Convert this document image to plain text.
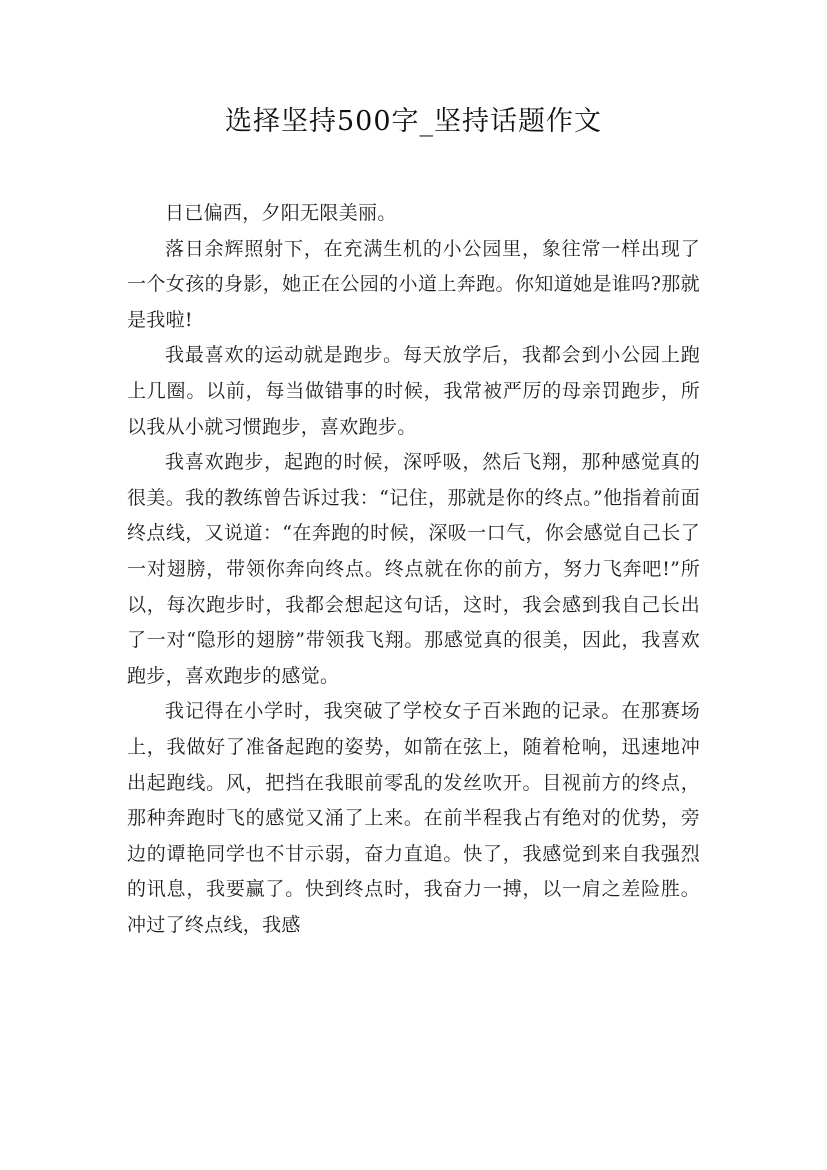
选择坚持500字_坚持话题作文

日已偏西，夕阳无限美丽。

落日余辉照射下，在充满生机的小公园里，象往常一样出现了一个女孩的身影，她正在公园的小道上奔跑。你知道她是谁吗?那就是我啦!

我最喜欢的运动就是跑步。每天放学后，我都会到小公园上跑上几圈。以前，每当做错事的时候，我常被严厉的母亲罚跑步，所以我从小就习惯跑步，喜欢跑步。

我喜欢跑步，起跑的时候，深呼吸，然后飞翔，那种感觉真的很美。我的教练曾告诉过我：“记住，那就是你的终点。”他指着前面终点线，又说道：“在奔跑的时候，深吸一口气，你会感觉自己长了一对翅膀，带领你奔向终点。终点就在你的前方，努力飞奔吧!”所以，每次跑步时，我都会想起这句话，这时，我会感到我自己长出了一对“隐形的翅膀”带领我飞翔。那感觉真的很美，因此，我喜欢跑步，喜欢跑步的感觉。

我记得在小学时，我突破了学校女子百米跑的记录。在那赛场上，我做好了准备起跑的姿势，如箭在弦上，随着枪响，迅速地冲出起跑线。风，把挡在我眼前零乱的发丝吹开。目视前方的终点，那种奔跑时飞的感觉又涌了上来。在前半程我占有绝对的优势，旁边的谭艳同学也不甘示弱，奋力直追。快了，我感觉到来自我强烈的讯息，我要赢了。快到终点时，我奋力一搏，以一肩之差险胜。冲过了终点线，我感
